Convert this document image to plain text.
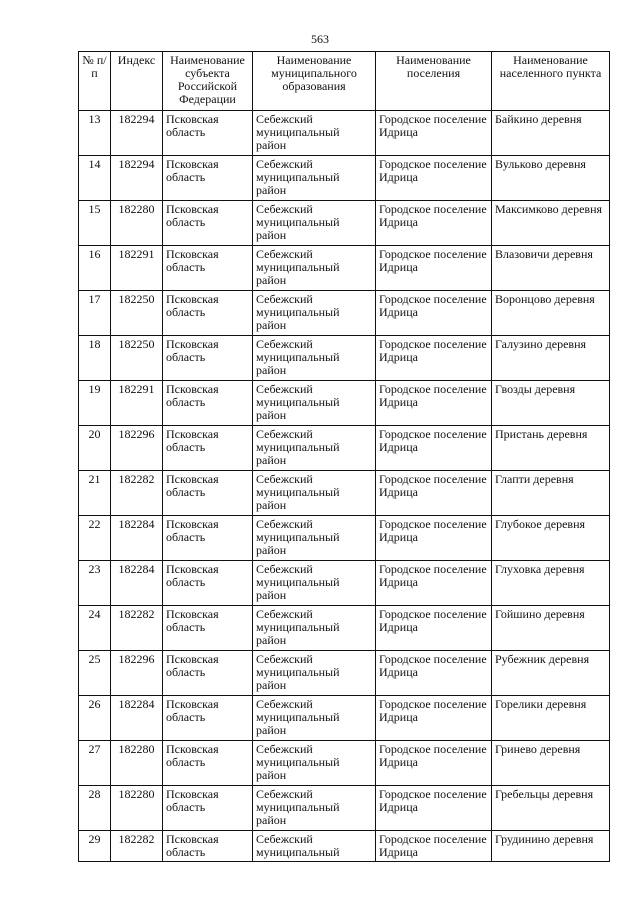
563
№ п/п	Индекс	Наименование субъекта Российской Федерации	Наименование муниципального образования	Наименование поселения	Наименование населенного пункта
13	182294	Псковская область	Себежский муниципальный район	Городское поселение Идрица	Байкино деревня
14	182294	Псковская область	Себежский муниципальный район	Городское поселение Идрица	Вульково деревня
15	182280	Псковская область	Себежский муниципальный район	Городское поселение Идрица	Максимково деревня
16	182291	Псковская область	Себежский муниципальный район	Городское поселение Идрица	Влазовичи деревня
17	182250	Псковская область	Себежский муниципальный район	Городское поселение Идрица	Воронцово деревня
18	182250	Псковская область	Себежский муниципальный район	Городское поселение Идрица	Галузино деревня
19	182291	Псковская область	Себежский муниципальный район	Городское поселение Идрица	Гвозды деревня
20	182296	Псковская область	Себежский муниципальный район	Городское поселение Идрица	Пристань деревня
21	182282	Псковская область	Себежский муниципальный район	Городское поселение Идрица	Глапти деревня
22	182284	Псковская область	Себежский муниципальный район	Городское поселение Идрица	Глубокое деревня
23	182284	Псковская область	Себежский муниципальный район	Городское поселение Идрица	Глуховка деревня
24	182282	Псковская область	Себежский муниципальный район	Городское поселение Идрица	Гойшино деревня
25	182296	Псковская область	Себежский муниципальный район	Городское поселение Идрица	Рубежник деревня
26	182284	Псковская область	Себежский муниципальный район	Городское поселение Идрица	Горелики деревня
27	182280	Псковская область	Себежский муниципальный район	Городское поселение Идрица	Гринево деревня
28	182280	Псковская область	Себежский муниципальный район	Городское поселение Идрица	Гребельцы деревня
29	182282	Псковская область	Себежский муниципальный	Городское поселение Идрица	Грудинино деревня
